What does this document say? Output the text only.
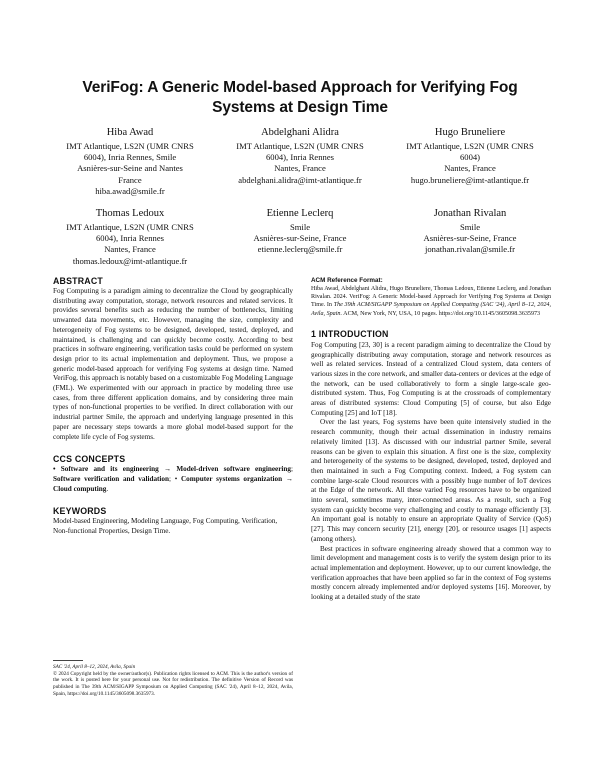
VeriFog: A Generic Model-based Approach for Verifying Fog
Systems at Design Time
Hiba Awad
IMT Atlantique, LS2N (UMR CNRS
6004), Inria Rennes, Smile
Asnières-sur-Seine and Nantes
France
hiba.awad@smile.fr
Abdelghani Alidra
IMT Atlantique, LS2N (UMR CNRS
6004), Inria Rennes
Nantes, France
abdelghani.alidra@imt-atlantique.fr
Hugo Bruneliere
IMT Atlantique, LS2N (UMR CNRS
6004)
Nantes, France
hugo.bruneliere@imt-atlantique.fr
Thomas Ledoux
IMT Atlantique, LS2N (UMR CNRS
6004), Inria Rennes
Nantes, France
thomas.ledoux@imt-atlantique.fr
Etienne Leclerq
Smile
Asnières-sur-Seine, France
etienne.leclerq@smile.fr
Jonathan Rivalan
Smile
Asnières-sur-Seine, France
jonathan.rivalan@smile.fr
ABSTRACT

Fog Computing is a paradigm aiming to decentralize the Cloud by geographically distributing away computation, storage, network resources and related services. It provides several benefits such as reducing the number of bottlenecks, limiting unwanted data movements, etc. However, managing the size, complexity and heterogeneity of Fog systems to be designed, developed, tested, deployed, and maintained, is challenging and can quickly become costly. According to best practices in software engineering, verification tasks could be performed on system design prior to its actual implementation and deployment. Thus, we propose a generic model-based approach for verifying Fog systems at design time. Named VeriFog, this approach is notably based on a customizable Fog Modeling Language (FML). We experimented with our approach in practice by modeling three use cases, from three different application domains, and by considering three main types of non-functional properties to be verified. In direct collaboration with our industrial partner Smile, the approach and underlying language presented in this paper are necessary steps towards a more global model-based support for the complete life cycle of Fog systems.

CCS CONCEPTS

• Software and its engineering → Model-driven software engineering; Software verification and validation; • Computer systems organization → Cloud computing.

KEYWORDS

Model-based Engineering, Modeling Language, Fog Computing, Verification, Non-functional Properties, Design Time.

SAC '24, April 8–12, 2024, Avila, Spain
© 2024 Copyright held by the owner/author(s). Publication rights licensed to ACM. This is the author's version of the work. It is posted here for your personal use. Not for redistribution. The definitive Version of Record was published in The 39th ACM/SIGAPP Symposium on Applied Computing (SAC '24), April 8–12, 2024, Avila, Spain, https://doi.org/10.1145/3605098.3635973.
ACM Reference Format:

Hiba Awad, Abdelghani Alidra, Hugo Bruneliere, Thomas Ledoux, Etienne Leclerq, and Jonathan Rivalan. 2024. VeriFog: A Generic Model-based Approach for Verifying Fog Systems at Design Time. In The 39th ACM/SIGAPP Symposium on Applied Computing (SAC '24), April 8–12, 2024, Avila, Spain. ACM, New York, NY, USA, 10 pages. https://doi.org/10.1145/3605098.3635973

1 INTRODUCTION

Fog Computing [23, 30] is a recent paradigm aiming to decentralize the Cloud by geographically distributing away computation, storage and network resources as well as related services. Instead of a centralized Cloud system, data centers of various sizes in the core network, and smaller data-centers or devices at the edge of the network, can be used collaboratively to form a single large-scale geo-distributed system. Thus, Fog Computing is at the crossroads of complementary areas of distributed systems: Cloud Computing [5] of course, but also Edge Computing [25] and IoT [18].

Over the last years, Fog systems have been quite intensively studied in the research community, though their actual dissemination in industry remains relatively limited [13]. As discussed with our industrial partner Smile, several reasons can be given to explain this situation. A first one is the size, complexity and heterogeneity of the systems to be designed, developed, tested, deployed and then maintained in such a Fog Computing context. Indeed, a Fog system can combine large-scale Cloud resources with a possibly huge number of IoT devices at the Edge of the network. All these varied Fog resources have to be organized into several, sometimes many, inter-connected areas. As a result, such a Fog system can quickly become very challenging and costly to manage efficiently [3]. An important goal is notably to ensure an appropriate Quality of Service (QoS) [27]. This may concern security [21], energy [20], or resource usages [1] aspects (among others).

Best practices in software engineering already showed that a common way to limit development and management costs is to verify the system design prior to its actual implementation and deployment. However, up to our current knowledge, the verification approaches that have been applied so far in the context of Fog systems mostly concern already implemented and/or deployed systems [16]. Moreover, by looking at a detailed study of the state
